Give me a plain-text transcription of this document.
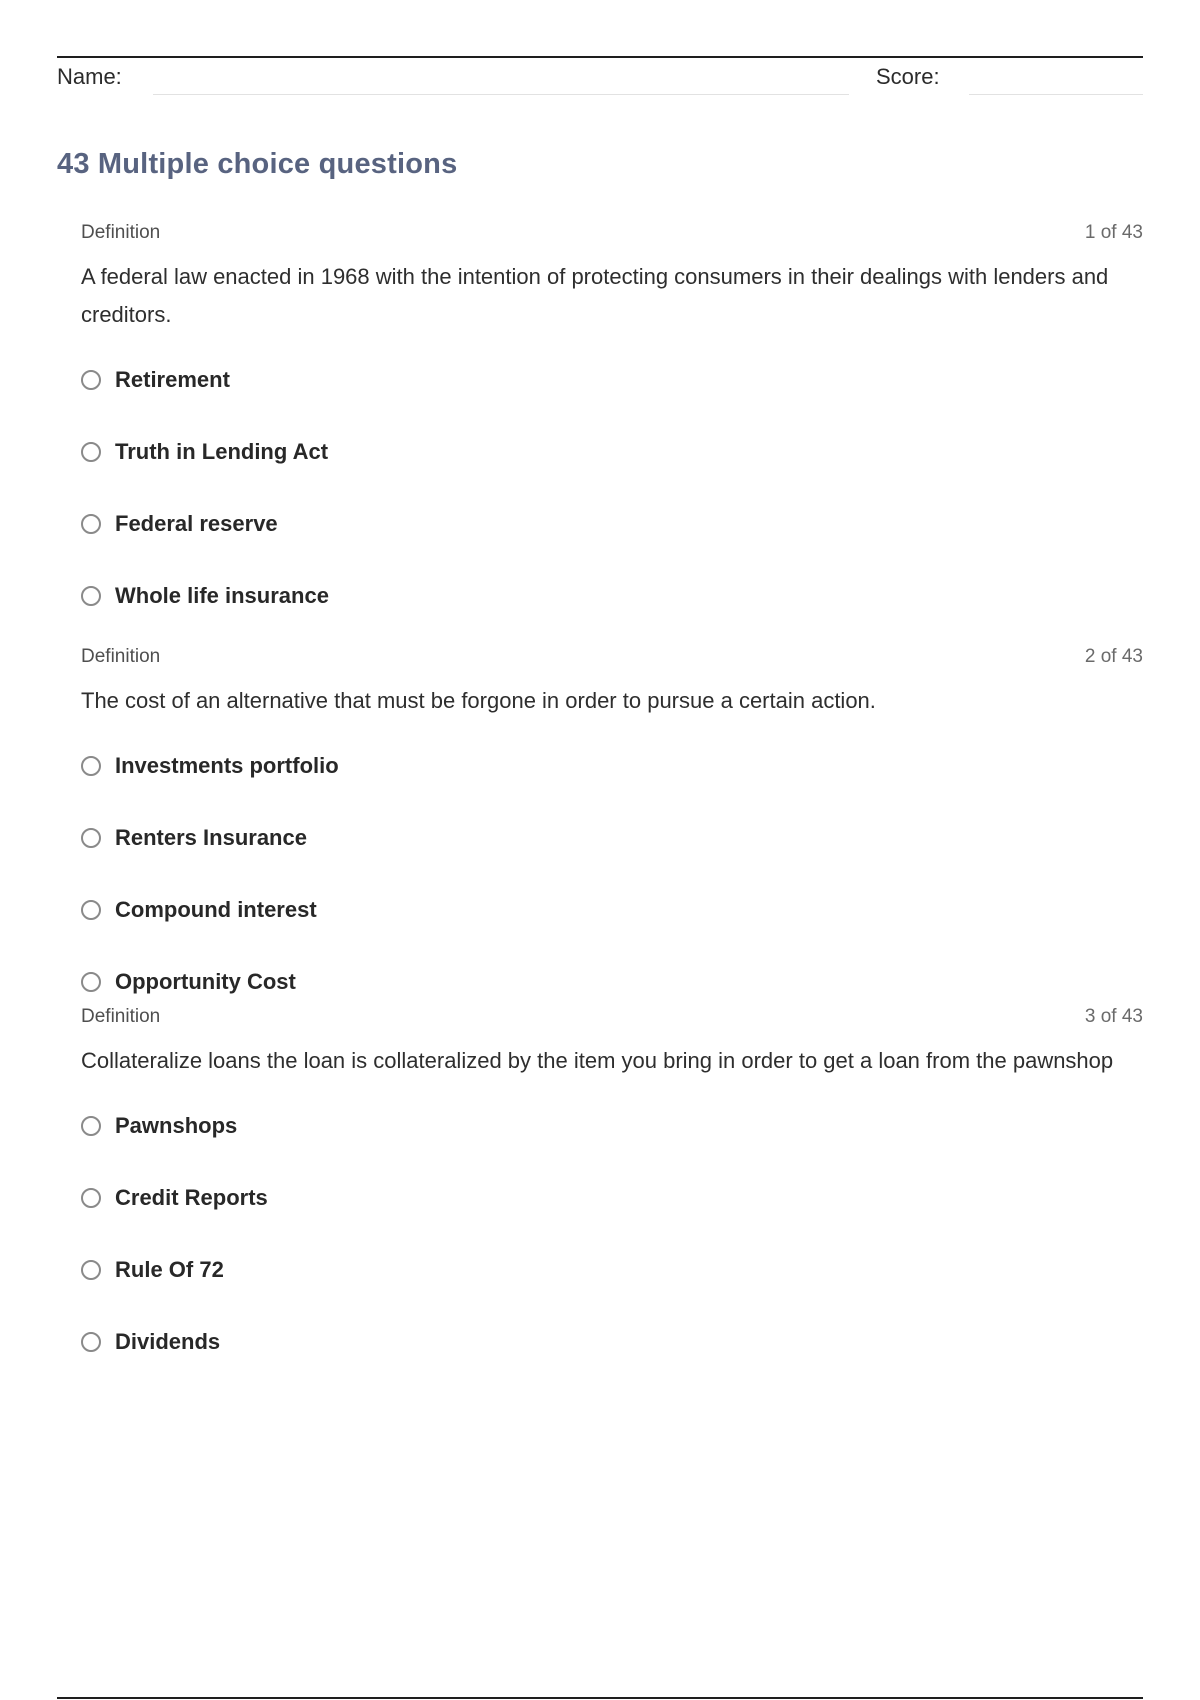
Name:	Score:
43 Multiple choice questions
Definition	1 of 43

A federal law enacted in 1968 with the intention of protecting consumers in their dealings with lenders and creditors.

Retirement
Truth in Lending Act
Federal reserve
Whole life insurance
Definition	2 of 43

The cost of an alternative that must be forgone in order to pursue a certain action.

Investments portfolio
Renters Insurance
Compound interest
Opportunity Cost
Definition	3 of 43

Collateralize loans the loan is collateralized by the item you bring in order to get a loan from the pawnshop

Pawnshops
Credit Reports
Rule Of 72
Dividends
